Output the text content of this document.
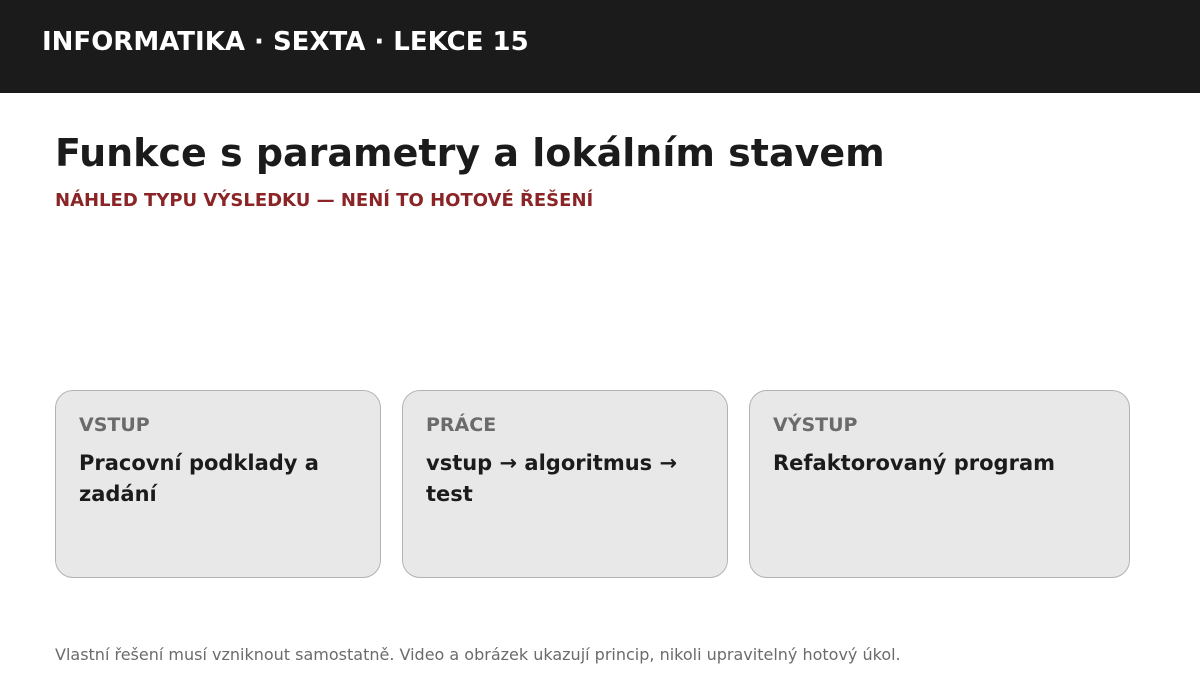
INFORMATIKA · SEXTA · LEKCE 15
Funkce s parametry a lokálním stavem
NÁHLED TYPU VÝSLEDKU — NENÍ TO HOTOVÉ ŘEŠENÍ
VSTUP
Pracovní podklady a zadání
PRÁCE
vstup → algoritmus → test
VÝSTUP
Refaktorovaný program
Vlastní řešení musí vzniknout samostatně. Video a obrázek ukazují princip, nikoli upravitelný hotový úkol.
